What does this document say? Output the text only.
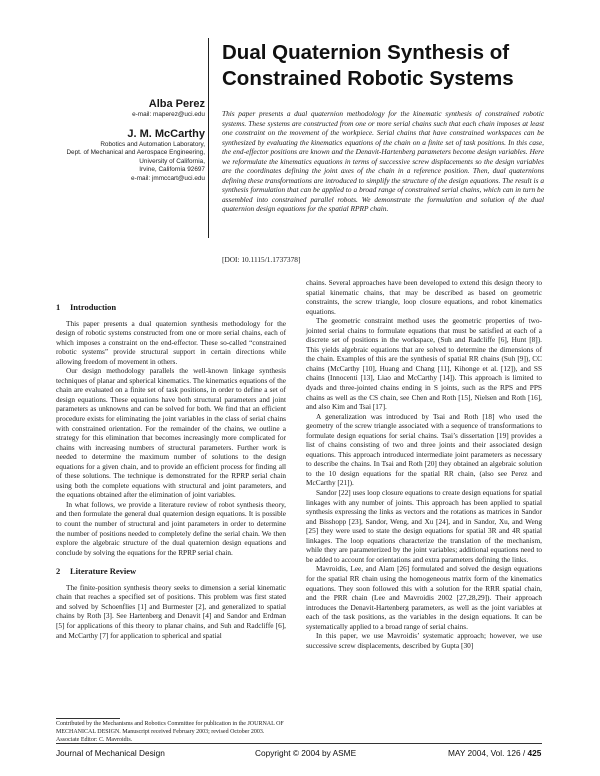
Dual Quaternion Synthesis of Constrained Robotic Systems

Alba Perez

e-mail: maperez@uci.edu

J. M. McCarthy

Robotics and Automation Laboratory,

Dept. of Mechanical and Aerospace Engineering,

University of California,

Irvine, California 92697

e-mail: jmmccart@uci.edu

This paper presents a dual quaternion methodology for the kinematic synthesis of constrained robotic systems. These systems are constructed from one or more serial chains such that each chain imposes at least one constraint on the movement of the workpiece. Serial chains that have constrained workspaces can be synthesized by evaluating the kinematics equations of the chain on a finite set of task positions. In this case, the end-effector positions are known and the Denavit-Hartenberg parameters become design variables. Here we reformulate the kinematics equations in terms of successive screw displacements so the design variables are the coordinates defining the joint axes of the chain in a reference position. Then, dual quaternions defining these transformations are introduced to simplify the structure of the design equations. The result is a synthesis formulation that can be applied to a broad range of constrained serial chains, which can in turn be assembled into constrained parallel robots. We demonstrate the formulation and solution of the dual quaternion design equations for the spatial RPRP chain.
[DOI: 10.1115/1.1737378]
1 Introduction

This paper presents a dual quaternion synthesis methodology for the design of robotic systems constructed from one or more serial chains, each of which imposes a constraint on the end-effector. These so-called “constrained robotic systems” provide structural support in certain directions while allowing freedom of movement in others.

Our design methodology parallels the well-known linkage synthesis techniques of planar and spherical kinematics. The kinematics equations of the chain are evaluated on a finite set of task positions, in order to define a set of design equations. These equations have both structural parameters and joint parameters as unknowns and can be solved for both. We find that an efficient procedure exists for eliminating the joint variables in the class of serial chains with constrained orientation. For the remainder of the chains, we outline a strategy for this elimination that becomes increasingly more complicated for chains with increasing numbers of structural parameters. Further work is needed to determine the maximum number of solutions to the design equations for a given chain, and to provide an efficient process for finding all of these solutions. The technique is demonstrated for the RPRP serial chain using both the complete equations with structural and joint parameters, and the equations obtained after the elimination of joint variables.

In what follows, we provide a literature review of robot synthesis theory, and then formulate the general dual quaternion design equations. It is possible to count the number of structural and joint parameters in order to determine the number of positions needed to completely define the serial chain. We then explore the algebraic structure of the dual quaternion design equations and conclude by solving the equations for the RPRP serial chain.

2 Literature Review

The finite-position synthesis theory seeks to dimension a serial kinematic chain that reaches a specified set of positions. This problem was first stated and solved by Schoenflies [1] and Burmester [2], and generalized to spatial chains by Roth [3]. See Hartenberg and Denavit [4] and Sandor and Erdman [5] for applications of this theory to planar chains, and Suh and Radcliffe [6], and McCarthy [7] for application to spherical and spatial

chains. Several approaches have been developed to extend this design theory to spatial kinematic chains, that may be described as based on geometric constraints, the screw triangle, loop closure equations, and robot kinematics equations.

The geometric constraint method uses the geometric properties of two-jointed serial chains to formulate equations that must be satisfied at each of a discrete set of positions in the workspace, (Suh and Radcliffe [6], Hunt [8]). This yields algebraic equations that are solved to determine the dimensions of the chain. Examples of this are the synthesis of spatial RR chains (Suh [9]), CC chains (McCarthy [10], Huang and Chang [11], Kihonge et al. [12]), and SS chains (Innocenti [13], Liao and McCarthy [14]). This approach is limited to dyads and three-jointed chains ending in S joints, such as the RPS and PPS chains as well as the CS chain, see Chen and Roth [15], Nielsen and Roth [16], and also Kim and Tsai [17].

A generalization was introduced by Tsai and Roth [18] who used the geometry of the screw triangle associated with a sequence of transformations to formulate design equations for serial chains. Tsai’s dissertation [19] provides a list of chains consisting of two and three joints and their associated design equations. This approach introduced intermediate joint parameters as necessary to describe the chains. In Tsai and Roth [20] they obtained an algebraic solution to the 10 design equations for the spatial RR chain, (also see Perez and McCarthy [21]).

Sandor [22] uses loop closure equations to create design equations for spatial linkages with any number of joints. This approach has been applied to spatial synthesis expressing the links as vectors and the rotations as matrices in Sandor and Bisshopp [23], Sandor, Weng, and Xu [24], and in Sandor, Xu, and Weng [25] they were used to state the design equations for spatial 3R and 4R spatial linkages. The loop equations characterize the translation of the mechanism, while they are parameterized by the joint variables; additional equations need to be added to account for orientations and extra parameters defining the links.

Mavroidis, Lee, and Alam [26] formulated and solved the design equations for the spatial RR chain using the homogeneous matrix form of the kinematics equations. They soon followed this with a solution for the RRR spatial chain, and the PRR chain (Lee and Mavroidis 2002 [27,28,29]). Their approach introduces the Denavit-Hartenberg parameters, as well as the joint variables at each of the task positions, as the variables in the design equations. It can be systematically applied to a broad range of serial chains.

In this paper, we use Mavroidis’ systematic approach; however, we use successive screw displacements, described by Gupta [30]

Contributed by the Mechanisms and Robotics Committee for publication in the JOURNAL OF MECHANICAL DESIGN. Manuscript received February 2003; revised October 2003. Associate Editor: C. Mavroidis.
Journal of Mechanical Design	Copyright © 2004 by ASME	MAY 2004, Vol. 126 / 425
